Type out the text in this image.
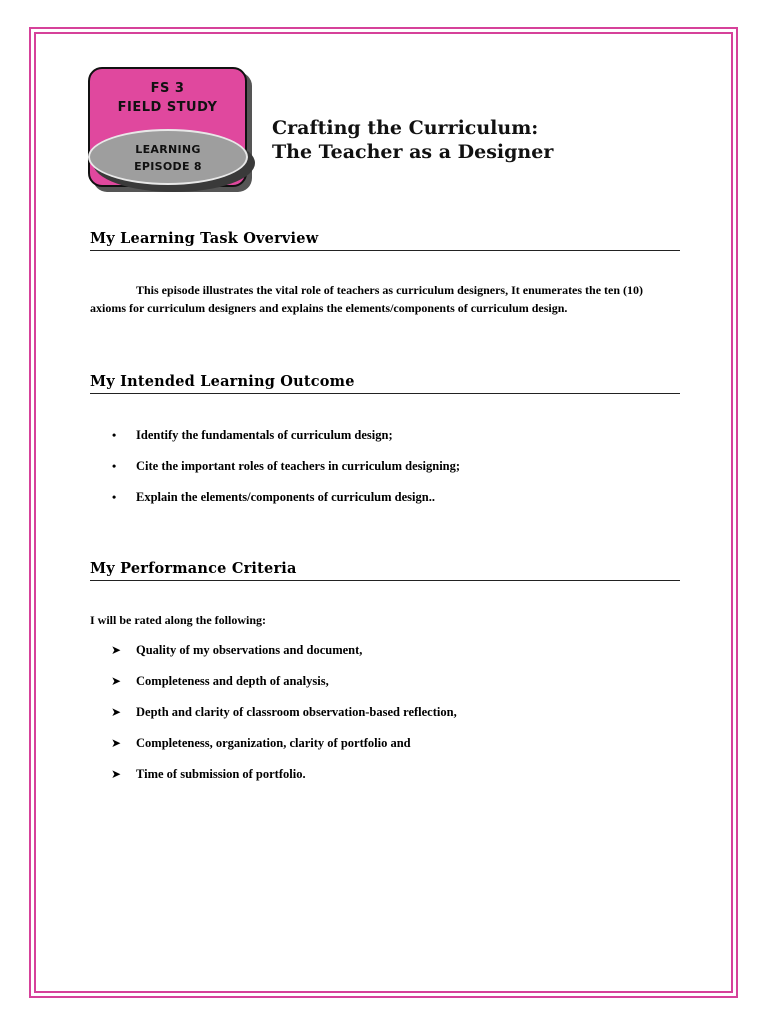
FS 3
FIELD STUDY
LEARNING
EPISODE 8
Crafting the Curriculum:
The Teacher as a Designer
My Learning Task Overview
This episode illustrates the vital role of teachers as curriculum designers, It enumerates the ten (10) axioms for curriculum designers and explains the elements/components of curriculum design.
My Intended Learning Outcome
• Identify the fundamentals of curriculum design;
• Cite the important roles of teachers in curriculum designing;
• Explain the elements/components of curriculum design..
My Performance Criteria
I will be rated along the following:
➤ Quality of my observations and document,
➤ Completeness and depth of analysis,
➤ Depth and clarity of classroom observation-based reflection,
➤ Completeness, organization, clarity of portfolio and
➤ Time of submission of portfolio.
